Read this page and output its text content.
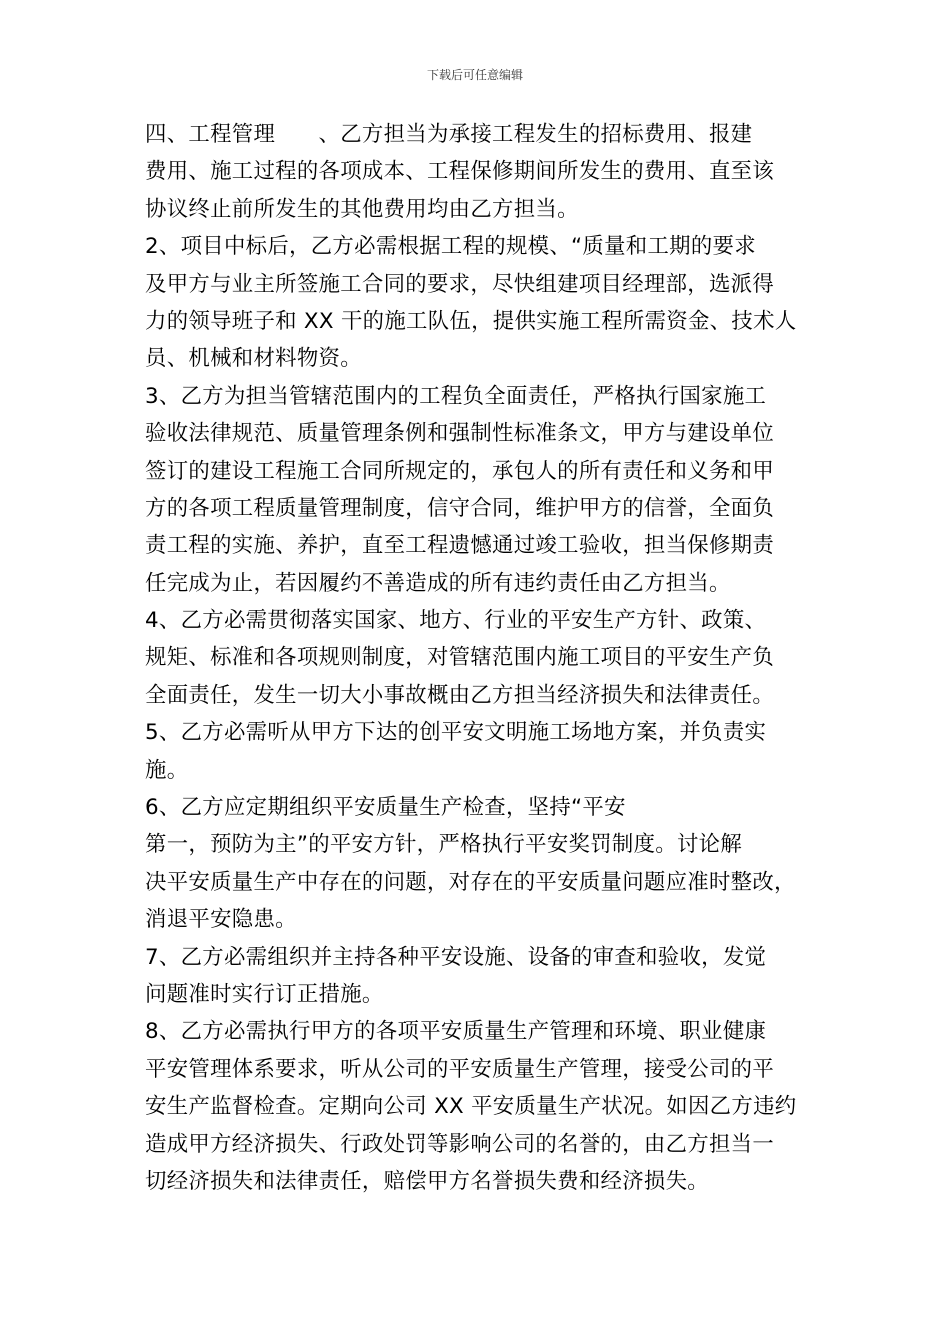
下载后可任意编辑
四、工程管理　　、乙方担当为承接工程发生的招标费用、报建
费用、施工过程的各项成本、工程保修期间所发生的费用、直至该
协议终止前所发生的其他费用均由乙方担当。
2、项目中标后，乙方必需根据工程的规模、“质量和工期的要求
及甲方与业主所签施工合同的要求，尽快组建项目经理部，选派得
力的领导班子和 XX 干的施工队伍，提供实施工程所需资金、技术人
员、机械和材料物资。
3、乙方为担当管辖范围内的工程负全面责任，严格执行国家施工
验收法律规范、质量管理条例和强制性标准条文，甲方与建设单位
签订的建设工程施工合同所规定的，承包人的所有责任和义务和甲
方的各项工程质量管理制度，信守合同，维护甲方的信誉，全面负
责工程的实施、养护，直至工程遗憾通过竣工验收，担当保修期责
任完成为止，若因履约不善造成的所有违约责任由乙方担当。
4、乙方必需贯彻落实国家、地方、行业的平安生产方针、政策、
规矩、标准和各项规则制度，对管辖范围内施工项目的平安生产负
全面责任，发生一切大小事故概由乙方担当经济损失和法律责任。
5、乙方必需听从甲方下达的创平安文明施工场地方案，并负责实
施。
6、乙方应定期组织平安质量生产检查，坚持“平安
第一，预防为主”的平安方针，严格执行平安奖罚制度。讨论解
决平安质量生产中存在的问题，对存在的平安质量问题应准时整改，
消退平安隐患。
7、乙方必需组织并主持各种平安设施、设备的审查和验收，发觉
问题准时实行订正措施。
8、乙方必需执行甲方的各项平安质量生产管理和环境、职业健康
平安管理体系要求，听从公司的平安质量生产管理，接受公司的平
安生产监督检查。定期向公司 XX 平安质量生产状况。如因乙方违约
造成甲方经济损失、行政处罚等影响公司的名誉的，由乙方担当一
切经济损失和法律责任，赔偿甲方名誉损失费和经济损失。
